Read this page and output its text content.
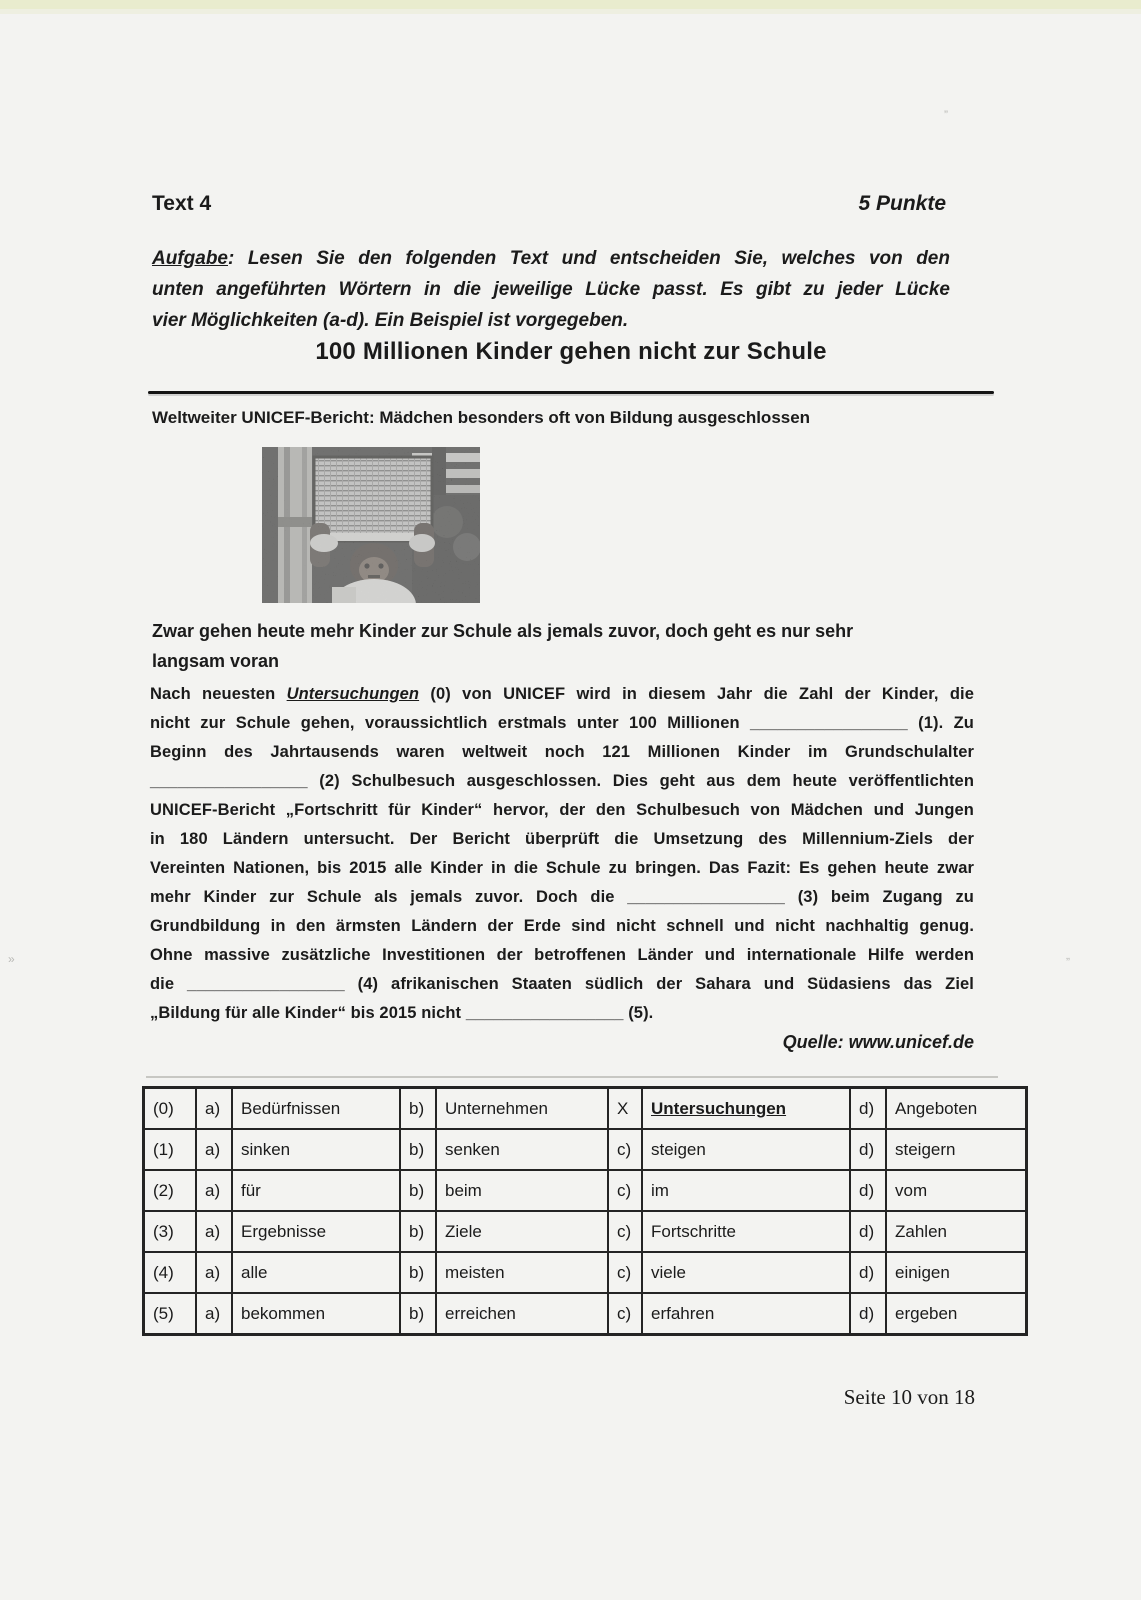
Text 4	5 Punkte
Aufgabe: Lesen Sie den folgenden Text und entscheiden Sie, welches von den
unten angeführten Wörtern in die jeweilige Lücke passt. Es gibt zu jeder Lücke
vier Möglichkeiten (a-d). Ein Beispiel ist vorgegeben.
100 Millionen Kinder gehen nicht zur Schule
Weltweiter UNICEF-Bericht: Mädchen besonders oft von Bildung ausgeschlossen
Zwar gehen heute mehr Kinder zur Schule als jemals zuvor, doch geht es nur sehr
langsam voran
Nach neuesten Untersuchungen (0) von UNICEF wird in diesem Jahr die Zahl der Kinder, die
nicht zur Schule gehen, voraussichtlich erstmals unter 100 Millionen _________________ (1). Zu
Beginn des Jahrtausends waren weltweit noch 121 Millionen Kinder im Grundschulalter
_________________ (2) Schulbesuch ausgeschlossen. Dies geht aus dem heute veröffentlichten
UNICEF-Bericht „Fortschritt für Kinder“ hervor, der den Schulbesuch von Mädchen und Jungen
in 180 Ländern untersucht. Der Bericht überprüft die Umsetzung des Millennium-Ziels der
Vereinten Nationen, bis 2015 alle Kinder in die Schule zu bringen. Das Fazit: Es gehen heute zwar
mehr Kinder zur Schule als jemals zuvor. Doch die _________________ (3) beim Zugang zu
Grundbildung in den ärmsten Ländern der Erde sind nicht schnell und nicht nachhaltig genug.
Ohne massive zusätzliche Investitionen der betroffenen Länder und internationale Hilfe werden
die _________________ (4) afrikanischen Staaten südlich der Sahara und Südasiens das Ziel
„Bildung für alle Kinder“ bis 2015 nicht _________________ (5).
Quelle: www.unicef.de
(0)	a)	Bedürfnissen	b)	Unternehmen	X	Untersuchungen	d)	Angeboten
(1)	a)	sinken	b)	senken	c)	steigen	d)	steigern
(2)	a)	für	b)	beim	c)	im	d)	vom
(3)	a)	Ergebnisse	b)	Ziele	c)	Fortschritte	d)	Zahlen
(4)	a)	alle	b)	meisten	c)	viele	d)	einigen
(5)	a)	bekommen	b)	erreichen	c)	erfahren	d)	ergeben
Seite 10 von 18
”
„
»
